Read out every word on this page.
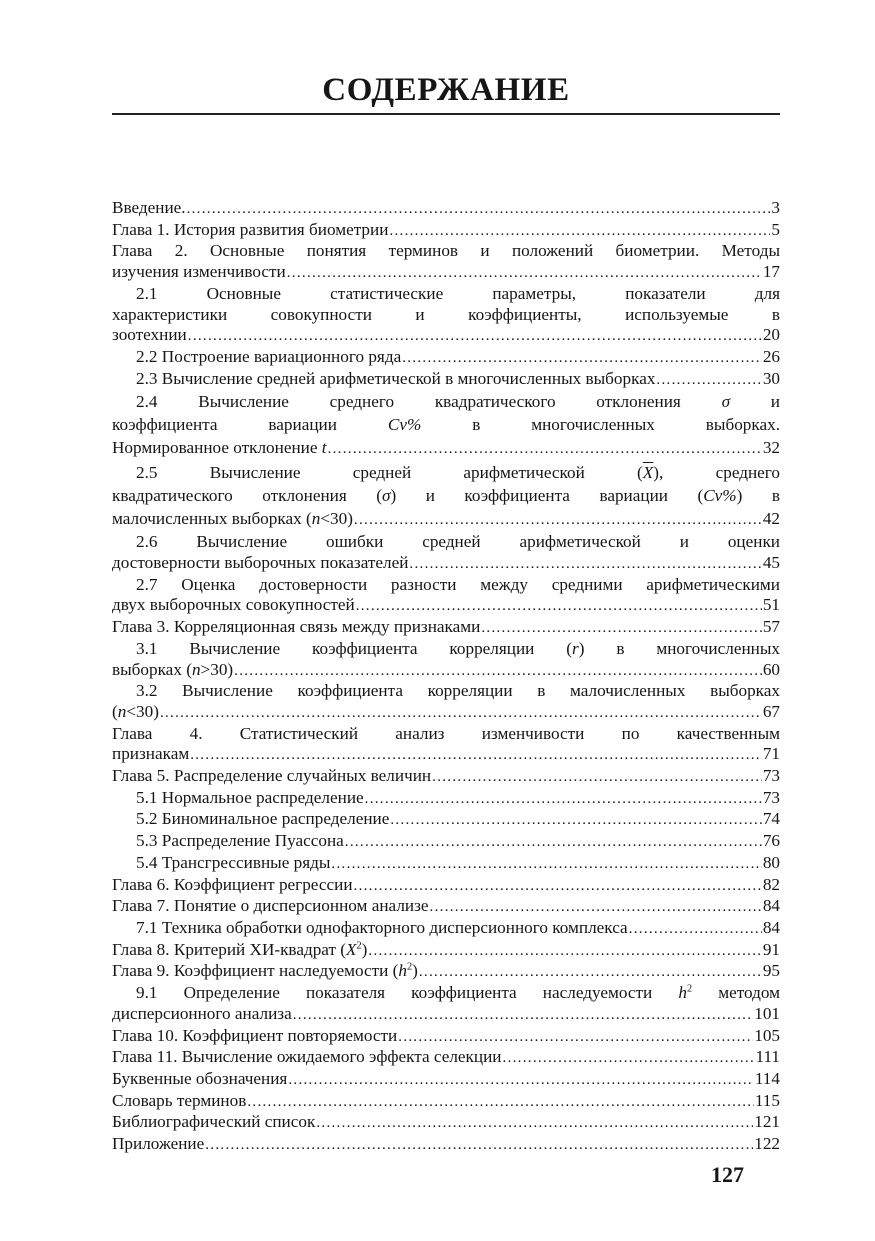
СОДЕРЖАНИЕ
Введение. .....	3
Глава 1. История развития биометрии .....	5
Глава 2. Основные понятия терминов и положений биометрии. Методы
изучения изменчивости .....	17
2.1 Основные статистические параметры, показатели для
характеристики совокупности и коэффициенты, используемые в
зоотехнии .....	20
2.2 Построение вариационного ряда .....	26
2.3 Вычисление средней арифметической в многочисленных выборках .....	30
2.4 Вычисление среднего квадратического отклонения σ и
коэффициента вариации Cv% в многочисленных выборках.
Нормированное отклонение t .....	32
2.5 Вычисление средней арифметической $(\overline{X})$, среднего
квадратического отклонения (σ) и коэффициента вариации (Cv%) в
малочисленных выборках (n<30) .....	42
2.6 Вычисление ошибки средней арифметической и оценки
достоверности выборочных показателей .....	45
2.7 Оценка достоверности разности между средними арифметическими
двух выборочных совокупностей .....	51
Глава 3. Корреляционная связь между признаками .....	57
3.1 Вычисление коэффициента корреляции (r) в многочисленных
выборках (n>30) .....	60
3.2 Вычисление коэффициента корреляции в малочисленных выборках
(n<30) .....	67
Глава 4. Статистический анализ изменчивости по качественным
признакам .....	71
Глава 5. Распределение случайных величин .....	73
5.1 Нормальное распределение .....	73
5.2 Биноминальное распределение .....	74
5.3 Распределение Пуассона .....	76
5.4 Трансгрессивные ряды .....	80
Глава 6. Коэффициент регрессии .....	82
Глава 7. Понятие о дисперсионном анализе .....	84
7.1 Техника обработки однофакторного дисперсионного комплекса .....	84
Глава 8. Критерий ХИ-квадрат $(X^2)$ .....	91
Глава 9. Коэффициент наследуемости $(h^2)$ .....	95
9.1 Определение показателя коэффициента наследуемости $h^2$ методом
дисперсионного анализа .....	101
Глава 10. Коэффициент повторяемости .....	105
Глава 11. Вычисление ожидаемого эффекта селекции .....	111
Буквенные обозначения .....	114
Словарь терминов .....	115
Библиографический список .....	121
Приложение .....	122
127
